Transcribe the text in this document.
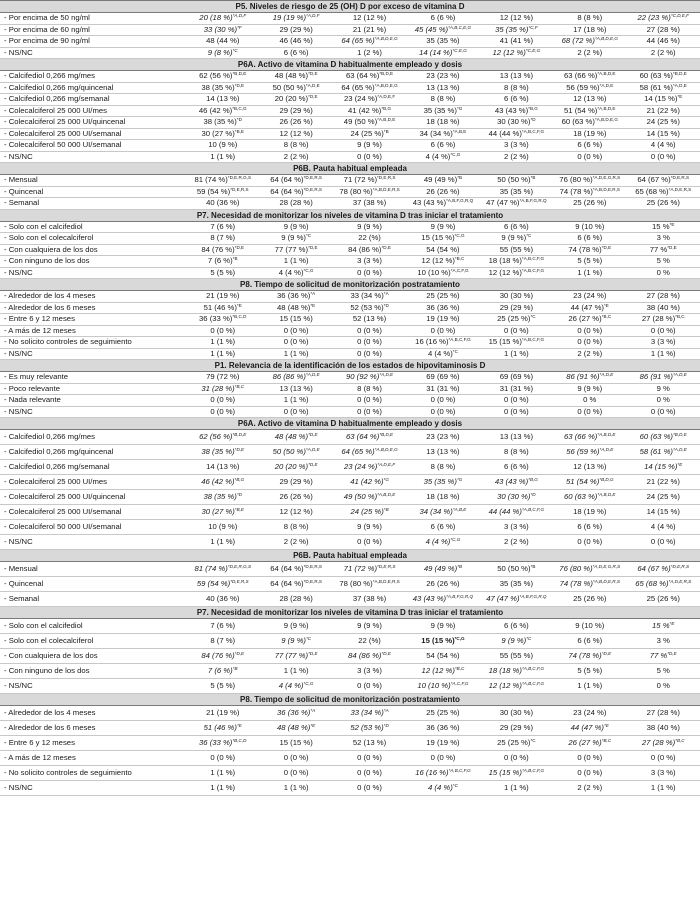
P5. Niveles de riesgo de 25 (OH) D por exceso de vitamina D							
- Por encima de 50 ng/ml	20 (18 %)$^{*A,D,F}$	19 (19 %)$^{*A,D,F}$	12 (12 %)	6 (6 %)	12 (12 %)	8 (8 %)	22 (23 %)$^{*C,D,E,F}$
- Por encima de 60 ng/ml	33 (30 %)$^{*F}$	29 (29 %)	21 (21 %)	45 (45 %)$^{*A,B,C,E,G}$	35 (35 %)$^{*C,F}$	17 (18 %)	27 (28 %)
- Por encima de 90 ng/ml	48 (44 %)	46 (46 %)	64 (65 %)$^{*A,B,D,E,G}$	35 (35 %)	41 (41 %)	68 (72 %)$^{*A,B,D,E,G}$	44 (46 %)
- NS/NC	9 (8 %)$^{*C}$	6 (6 %)	1 (2 %)	14 (14 %)$^{*C,E,G}$	12 (12 %)$^{*C,E,G}$	2 (2 %)	2 (2 %)
P6A. Activo de vitamina D habitualmente empleado y dosis							
- Calcifediol 0,266 mg/mes	62 (56 %)$^{*B,D,E}$	48 (48 %)$^{*D,E}$	63 (64 %)$^{*B,D,E}$	23 (23 %)	13 (13 %)	63 (66 %)$^{*A,B,D,E}$	60 (63 %)$^{*B,D,E}$
- Calcifediol 0,266 mg/quincenal	38 (35 %)$^{*D,E}$	50 (50 %)$^{*A,D,E}$	64 (65 %)$^{*A,B,D,E,G}$	13 (13 %)	8 (8 %)	56 (59 %)$^{*A,D,E}$	58 (61 %)$^{*A,D,E}$
- Calcifediol 0,266 mg/semanal	14 (13 %)	20 (20 %)$^{*D,E}$	23 (24 %)$^{*A,D,E,F}$	8 (8 %)	6 (6 %)	12 (13 %)	14 (15 %)$^{*E}$
- Colecalciferol 25 000 UI/mes	46 (42 %)$^{*B,C,G}$	29 (29 %)	41 (42 %)$^{*B,G}$	35 (35 %)$^{*G}$	43 (43 %)$^{*B,G}$	51 (54 %)$^{*A,B,D,E}$	21 (22 %)
- Colecalciferol 25 000 UI/quincenal	38 (35 %)$^{*D}$	26 (26 %)	49 (50 %)$^{*A,B,D,E}$	18 (18 %)	30 (30 %)$^{*D}$	60 (63 %)$^{*A,B,D,E,G}$	24 (25 %)
- Colecalciferol 25 000 UI/semanal	30 (27 %)$^{*B,E}$	12 (12 %)	24 (25 %)$^{*B}$	34 (34 %)$^{*A,B,E}$	44 (44 %)$^{*A,B,C,F,G}$	18 (19 %)	14 (15 %)
- Colecalciferol 50 000 UI/semanal	10 (9 %)	8 (8 %)	9 (9 %)	6 (6 %)	3 (3 %)	6 (6 %)	4 (4 %)
- NS/NC	1 (1 %)	2 (2 %)	0 (0 %)	4 (4 %)$^{*C,G}$	2 (2 %)	0 (0 %)	0 (0 %)
P6B. Pauta habitual empleada							
- Mensual	81 (74 %)$^{*D,E,R,G,S}$	64 (64 %)$^{*D,E,R,S}$	71 (72 %)$^{*D,E,R,S}$	49 (49 %)$^{*B}$	50 (50 %)$^{*B}$	76 (80 %)$^{*A,D,E,G,R,S}$	64 (67 %)$^{*D,E,R,S}$
- Quincenal	59 (54 %)$^{*D,E,R,S}$	64 (64 %)$^{*D,E,R,S}$	78 (80 %)$^{*A,B,D,E,R,S}$	26 (26 %)	35 (35 %)	74 (78 %)$^{*A,B,D,E,R,S}$	65 (68 %)$^{*A,D,E,R,S}$
- Semanal	40 (36 %)	28 (28 %)	37 (38 %)	43 (43 %)$^{*A,B,F,G,R,Q}$	47 (47 %)$^{*A,B,F,G,R,Q}$	25 (26 %)	25 (26 %)
P7. Necesidad de monitorizar los niveles de vitamina D tras iniciar el tratamiento							
- Solo con el calcifediol	7 (6 %)	9 (9 %)	9 (9 %)	9 (9 %)	6 (6 %)	9 (10 %)	15 %$^{*E}$
- Solo con el colecalciferol	8 (7 %)	9 (9 %)$^{*C}$	22 (%)	15 (15 %)$^{*C,G}$	9 (9 %)$^{*C}$	6 (6 %)	3 %
- Con cualquiera de los dos	84 (76 %)$^{*D,E}$	77 (77 %)$^{*D,E}$	84 (86 %)$^{*D,E}$	54 (54 %)	55 (55 %)	74 (78 %)$^{*D,E}$	77 %$^{*D,E}$
- Con ninguno de los dos	7 (6 %)$^{*B}$	1 (1 %)	3 (3 %)	12 (12 %)$^{*B,C}$	18 (18 %)$^{*A,B,C,F,G}$	5 (5 %)	5 %
- NS/NC	5 (5 %)	4 (4 %)$^{*C,G}$	0 (0 %)	10 (10 %)$^{*A,C,F,G}$	12 (12 %)$^{*A,B,C,F,G}$	1 (1 %)	0 %
P8. Tiempo de solicitud de monitorización postratamiento							
- Alrededor de los 4 meses	21 (19 %)	36 (36 %)$^{*A}$	33 (34 %)$^{*A}$	25 (25 %)	30 (30 %)	23 (24 %)	27 (28 %)
- Alrededor de los 6 meses	51 (46 %)$^{*E}$	48 (48 %)$^{*E}$	52 (53 %)$^{*D}$	36 (36 %)	29 (29 %)	44 (47 %)$^{*E}$	38 (40 %)
- Entre 6 y 12 meses	36 (33 %)$^{*B,C,D}$	15 (15 %)	52 (13 %)	19 (19 %)	25 (25 %)$^{*C}$	26 (27 %)$^{*B,C}$	27 (28 %)$^{*B,C}$
- A más de 12 meses	0 (0 %)	0 (0 %)	0 (0 %)	0 (0 %)	0 (0 %)	0 (0 %)	0 (0 %)
- No solicito controles de seguimiento	1 (1 %)	0 (0 %)	0 (0 %)	16 (16 %)$^{*A,B,C,F,G}$	15 (15 %)$^{*A,B,C,F,G}$	0 (0 %)	3 (3 %)
- NS/NC	1 (1 %)	1 (1 %)	0 (0 %)	4 (4 %)$^{*C}$	1 (1 %)	2 (2 %)	1 (1 %)
P1. Relevancia de la identificación de los estados de hipovitaminosis D							
- Es muy relevante	79 (72 %)	86 (86 %)$^{*A,D,E}$	90 (92 %)$^{*A,D,E}$	69 (69 %)	69 (69 %)	86 (91 %)$^{*A,D,E}$	86 (91 %)$^{*A,D,E}$
- Poco relevante	31 (28 %)$^{*B,C}$	13 (13 %)	8 (8 %)	31 (31 %)	31 (31 %)	9 (9 %)	9 %
- Nada relevante	0 (0 %)	1 (1 %)	0 (0 %)	0 (0 %)	0 (0 %)	0 %	0 %
- NS/NC	0 (0 %)	0 (0 %)	0 (0 %)	0 (0 %)	0 (0 %)	0 (0 %)	0 (0 %)
P6A. Activo de vitamina D habitualmente empleado y dosis							
- Calcifediol 0,266 mg/mes	62 (56 %)$^{*B,D,E}$	48 (48 %)$^{*D,E}$	63 (64 %)$^{*B,D,E}$	23 (23 %)	13 (13 %)	63 (66 %)$^{*A,B,D,E}$	60 (63 %)$^{*B,D,E}$
- Calcifediol 0,266 mg/quincenal	38 (35 %)$^{*D,E}$	50 (50 %)$^{*A,D,E}$	64 (65 %)$^{*A,B,D,E,G}$	13 (13 %)	8 (8 %)	56 (59 %)$^{*A,D,E}$	58 (61 %)$^{*A,D,E}$
- Calcifediol 0,266 mg/semanal	14 (13 %)	20 (20 %)$^{*D,E}$	23 (24 %)$^{*A,D,E,F}$	8 (8 %)	6 (6 %)	12 (13 %)	14 (15 %)$^{*E}$
- Colecalciferol 25 000 UI/mes	46 (42 %)$^{*B,G}$	29 (29 %)	41 (42 %)$^{*G}$	35 (35 %)$^{*G}$	43 (43 %)$^{*B,G}$	51 (54 %)$^{*B,D,G}$	21 (22 %)
- Colecalciferol 25 000 UI/quincenal	38 (35 %)$^{*D}$	26 (26 %)	49 (50 %)$^{*A,B,D,E}$	18 (18 %)	30 (30 %)$^{*D}$	60 (63 %)$^{*A,B,D,E}$	24 (25 %)
- Colecalciferol 25 000 UI/semanal	30 (27 %)$^{*B,E}$	12 (12 %)	24 (25 %)$^{*B}$	34 (34 %)$^{*A,B,E}$	44 (44 %)$^{*A,B,C,F,G}$	18 (19 %)	14 (15 %)
- Colecalciferol 50 000 UI/semanal	10 (9 %)	8 (8 %)	9 (9 %)	6 (6 %)	3 (3 %)	6 (6 %)	4 (4 %)
- NS/NC	1 (1 %)	2 (2 %)	0 (0 %)	4 (4 %)$^{*C,G}$	2 (2 %)	0 (0 %)	0 (0 %)
P6B. Pauta habitual empleada							
- Mensual	81 (74 %)$^{*D,E,R,G,S}$	64 (64 %)$^{*D,E,R,S}$	71 (72 %)$^{*D,E,R,S}$	49 (49 %)$^{*B}$	50 (50 %)$^{*B}$	76 (80 %)$^{*A,D,E,G,R,S}$	64 (67 %)$^{*D,E,R,S}$
- Quincenal	59 (54 %)$^{*D,E,R,S}$	64 (64 %)$^{*D,E,R,S}$	78 (80 %)$^{*A,B,D,E,R,S}$	26 (26 %)	35 (35 %)	74 (78 %)$^{*A,B,D,E,R,S}$	65 (68 %)$^{*A,D,E,R,S}$
- Semanal	40 (36 %)	28 (28 %)	37 (38 %)	43 (43 %)$^{*A,B,F,G,R,Q}$	47 (47 %)$^{*A,B,F,G,R,Q}$	25 (26 %)	25 (26 %)
P7. Necesidad de monitorizar los niveles de vitamina D tras iniciar el tratamiento							
- Solo con el calcifediol	7 (6 %)	9 (9 %)	9 (9 %)	9 (9 %)	6 (6 %)	9 (10 %)	15 %$^{*E}$
- Solo con el colecalciferol	8 (7 %)	9 (9 %)$^{*C}$	22 (%)	15 (15 %)$^{*C,G}$	9 (9 %)$^{*C}$	6 (6 %)	3 %
- Con cualquiera de los dos	84 (76 %)$^{*D,E}$	77 (77 %)$^{*D,E}$	84 (86 %)$^{*D,E}$	54 (54 %)	55 (55 %)	74 (78 %)$^{*D,E}$	77 %$^{*D,E}$
- Con ninguno de los dos	7 (6 %)$^{*B}$	1 (1 %)	3 (3 %)	12 (12 %)$^{*B,C}$	18 (18 %)$^{*A,B,C,F,G}$	5 (5 %)	5 %
- NS/NC	5 (5 %)	4 (4 %)$^{*C,G}$	0 (0 %)	10 (10 %)$^{*A,C,F,G}$	12 (12 %)$^{*A,B,C,F,G}$	1 (1 %)	0 %
P8. Tiempo de solicitud de monitorización postratamiento							
- Alrededor de los 4 meses	21 (19 %)	36 (36 %)$^{*A}$	33 (34 %)$^{*A}$	25 (25 %)	30 (30 %)	23 (24 %)	27 (28 %)
- Alrededor de los 6 meses	51 (46 %)$^{*E}$	48 (48 %)$^{*E}$	52 (53 %)$^{*D}$	36 (36 %)	29 (29 %)	44 (47 %)$^{*E}$	38 (40 %)
- Entre 6 y 12 meses	36 (33 %)$^{*B,C,D}$	15 (15 %)	52 (13 %)	19 (19 %)	25 (25 %)$^{*C}$	26 (27 %)$^{*B,C}$	27 (28 %)$^{*B,C}$
- A más de 12 meses	0 (0 %)	0 (0 %)	0 (0 %)	0 (0 %)	0 (0 %)	0 (0 %)	0 (0 %)
- No solicito controles de seguimiento	1 (1 %)	0 (0 %)	0 (0 %)	16 (16 %)$^{*A,B,C,F,G}$	15 (15 %)$^{*A,B,C,F,G}$	0 (0 %)	3 (3 %)
- NS/NC	1 (1 %)	1 (1 %)	0 (0 %)	4 (4 %)$^{*C}$	1 (1 %)	2 (2 %)	1 (1 %)
